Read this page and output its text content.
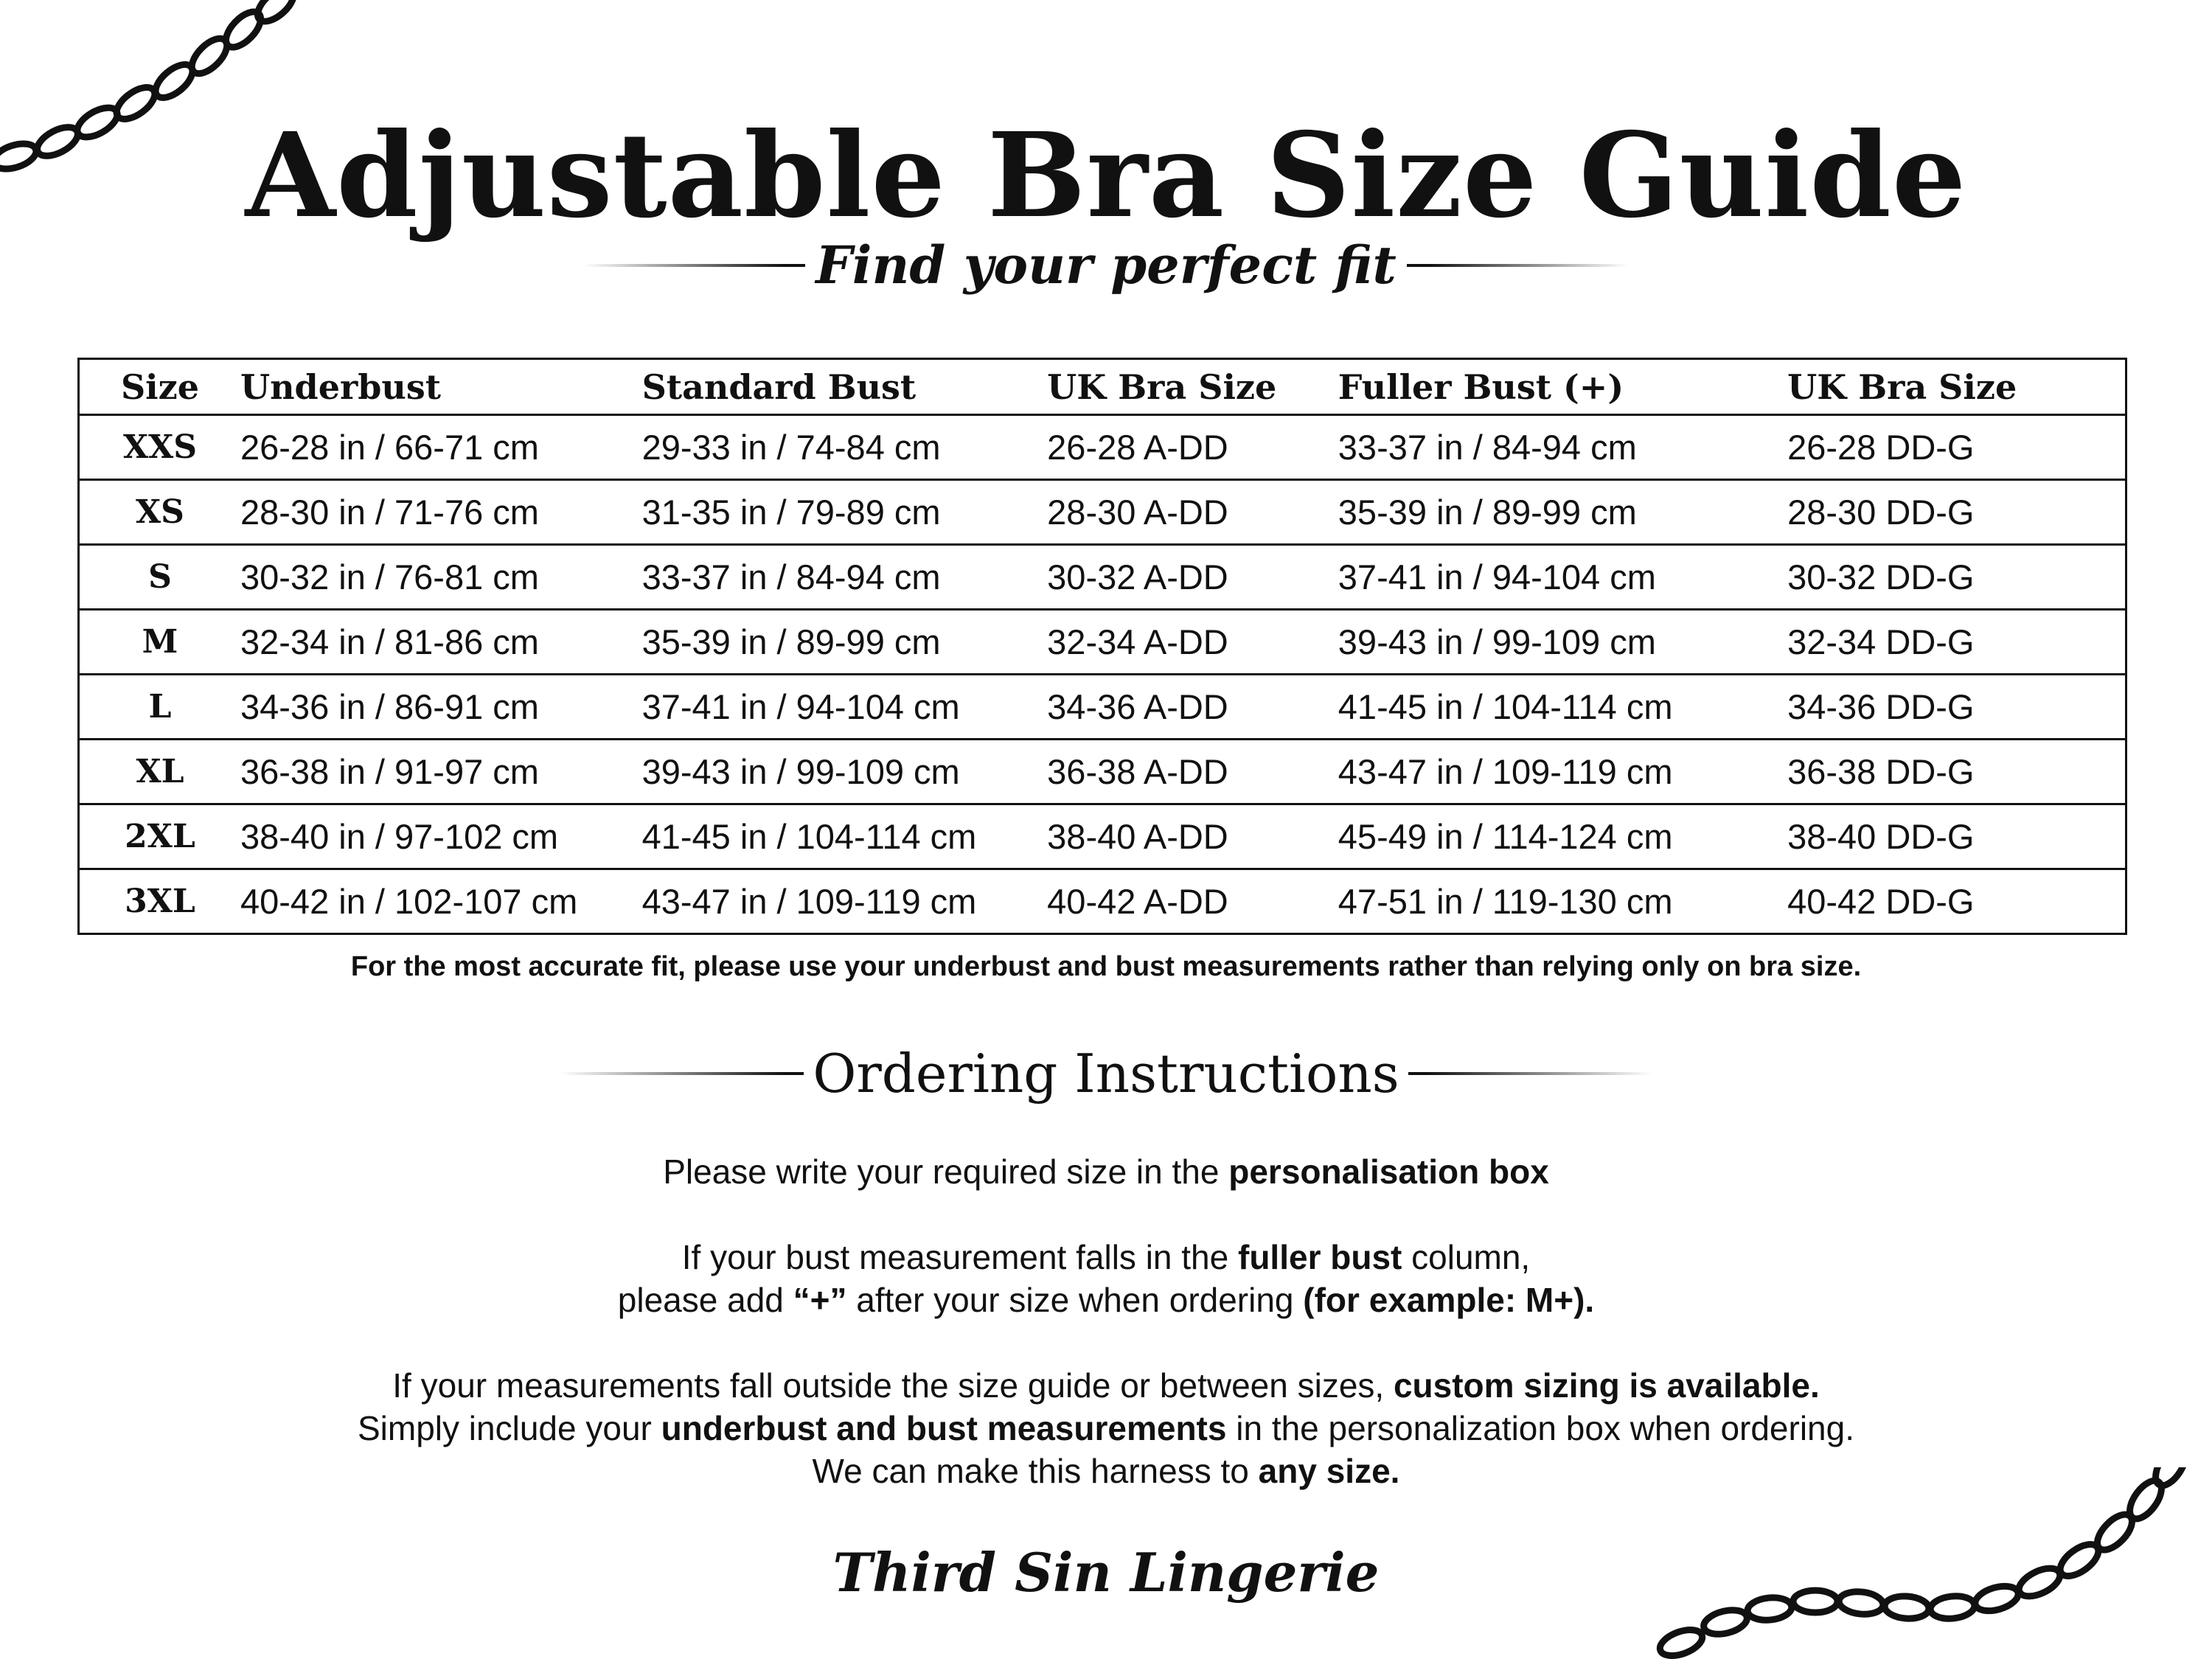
Adjustable Bra Size Guide
Find your perfect fit
Size	Underbust	Standard Bust	UK Bra Size	Fuller Bust (+)	UK Bra Size
XXS	26-28 in / 66-71 cm	29-33 in / 74-84 cm	26-28 A-DD	33-37 in / 84-94 cm	26-28 DD-G
XS	28-30 in / 71-76 cm	31-35 in / 79-89 cm	28-30 A-DD	35-39 in / 89-99 cm	28-30 DD-G
S	30-32 in / 76-81 cm	33-37 in / 84-94 cm	30-32 A-DD	37-41 in / 94-104 cm	30-32 DD-G
M	32-34 in / 81-86 cm	35-39 in / 89-99 cm	32-34 A-DD	39-43 in / 99-109 cm	32-34 DD-G
L	34-36 in / 86-91 cm	37-41 in / 94-104 cm	34-36 A-DD	41-45 in / 104-114 cm	34-36 DD-G
XL	36-38 in / 91-97 cm	39-43 in / 99-109 cm	36-38 A-DD	43-47 in / 109-119 cm	36-38 DD-G
2XL	38-40 in / 97-102 cm	41-45 in / 104-114 cm	38-40 A-DD	45-49 in / 114-124 cm	38-40 DD-G
3XL	40-42 in / 102-107 cm	43-47 in / 109-119 cm	40-42 A-DD	47-51 in / 119-130 cm	40-42 DD-G
For the most accurate fit, please use your underbust and bust measurements rather than relying only on bra size.
Ordering Instructions

Please write your required size in the personalisation box

If your bust measurement falls in the fuller bust column,

please add “+” after your size when ordering (for example: M+).

If your measurements fall outside the size guide or between sizes, custom sizing is available.

Simply include your underbust and bust measurements in the personalization box when ordering.

We can make this harness to any size.

Third Sin Lingerie
